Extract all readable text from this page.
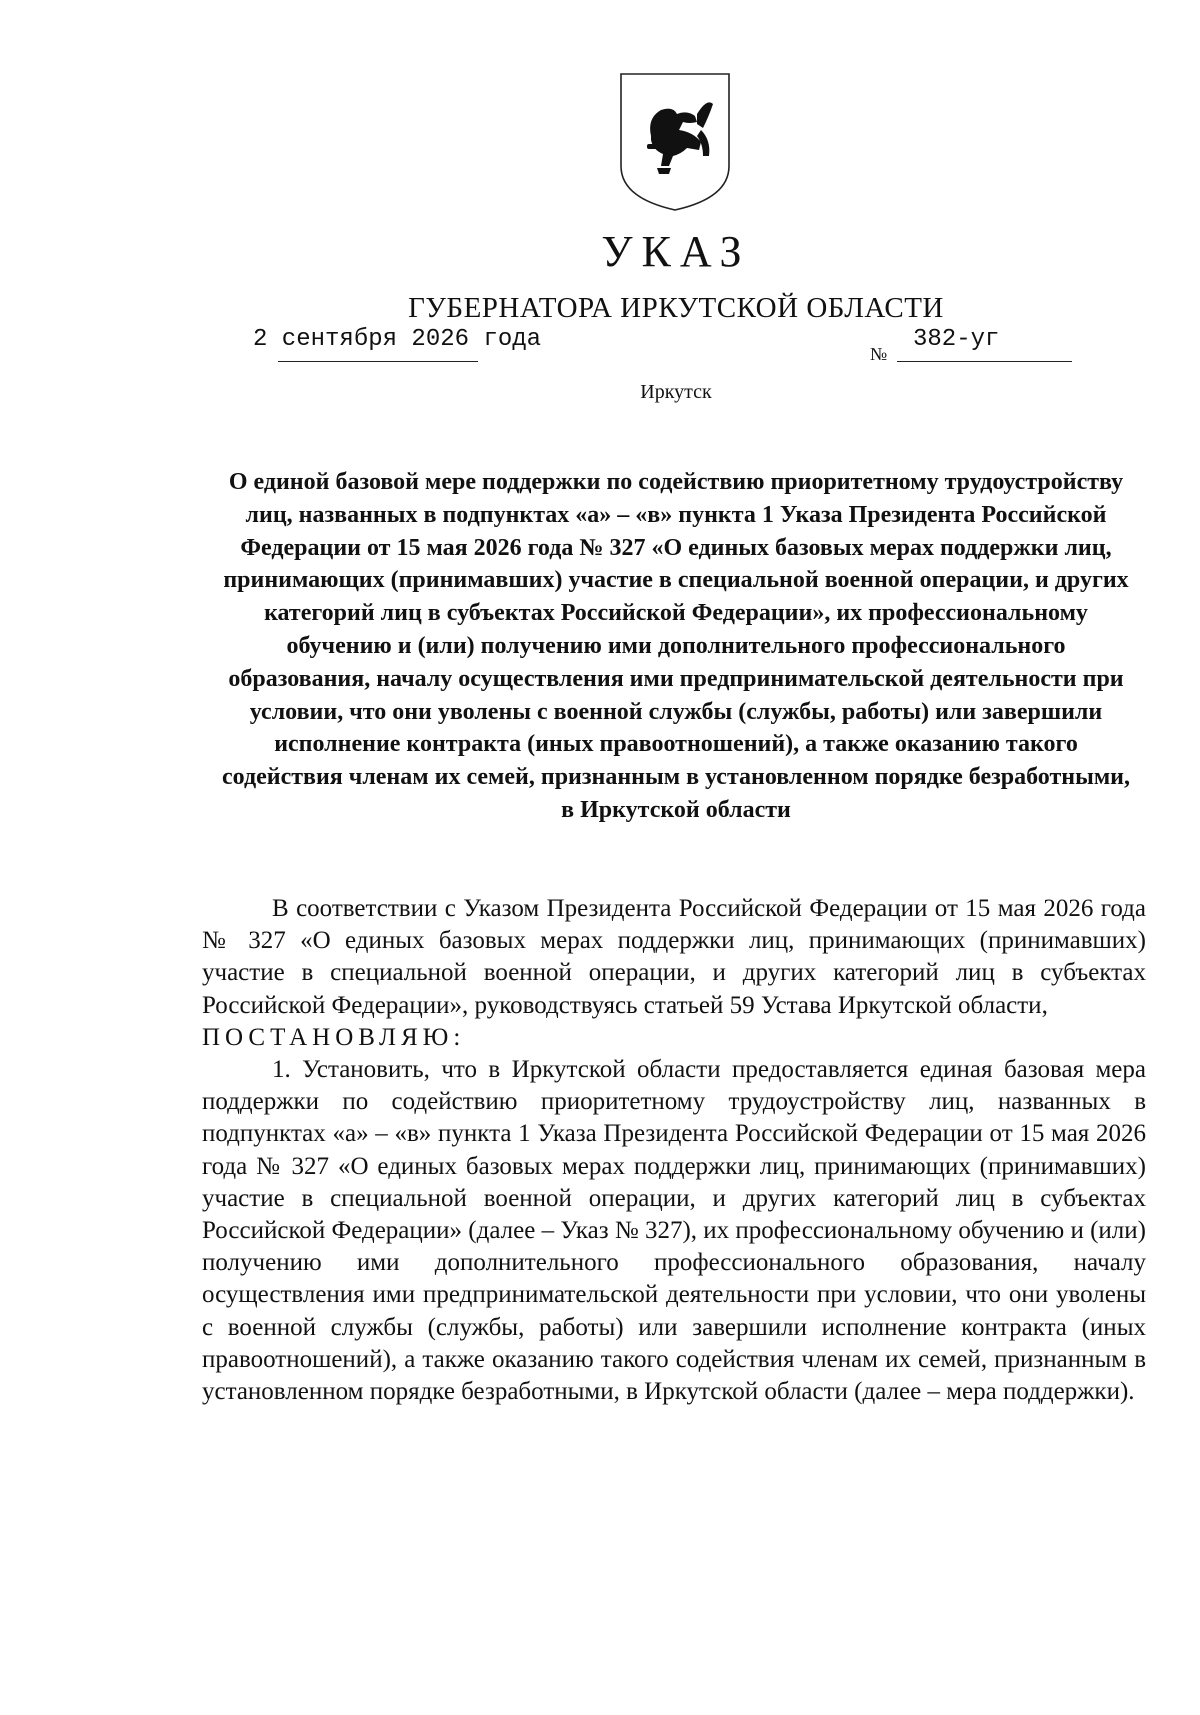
УКАЗ
ГУБЕРНАТОРА ИРКУТСКОЙ ОБЛАСТИ
2 сентября 2026 года
№
382-уг
Иркутск
О единой базовой мере поддержки по содействию приоритетному трудоустройству лиц, названных в подпунктах «а» – «в» пункта 1 Указа Президента Российской Федерации от 15 мая 2026 года № 327 «О единых базовых мерах поддержки лиц, принимающих (принимавших) участие в специальной военной операции, и других категорий лиц в субъектах Российской Федерации», их профессиональному обучению и (или) получению ими дополнительного профессионального образования, началу осуществления ими предпринимательской деятельности при условии, что они уволены с военной службы (службы, работы) или завершили исполнение контракта (иных правоотношений), а также оказанию такого содействия членам их семей, признанным в установленном порядке безработными, в Иркутской области

В соответствии с Указом Президента Российской Федерации от 15 мая 2026 года № 327 «О единых базовых мерах поддержки лиц, принимающих (принимавших) участие в специальной военной операции, и других категорий лиц в субъектах Российской Федерации», руководствуясь статьей 59 Устава Иркутской области,

ПОСТАНОВЛЯЮ:

1. Установить, что в Иркутской области предоставляется единая базовая мера поддержки по содействию приоритетному трудоустройству лиц, названных в подпунктах «а» – «в» пункта 1 Указа Президента Российской Федерации от 15 мая 2026 года № 327 «О единых базовых мерах поддержки лиц, принимающих (принимавших) участие в специальной военной операции, и других категорий лиц в субъектах Российской Федерации» (далее – Указ № 327), их профессиональному обучению и (или) получению ими дополнительного профессионального образования, началу осуществления ими предпринимательской деятельности при условии, что они уволены с военной службы (службы, работы) или завершили исполнение контракта (иных правоотношений), а также оказанию такого содействия членам их семей, признанным в установленном порядке безработными, в Иркутской области (далее – мера поддержки).
